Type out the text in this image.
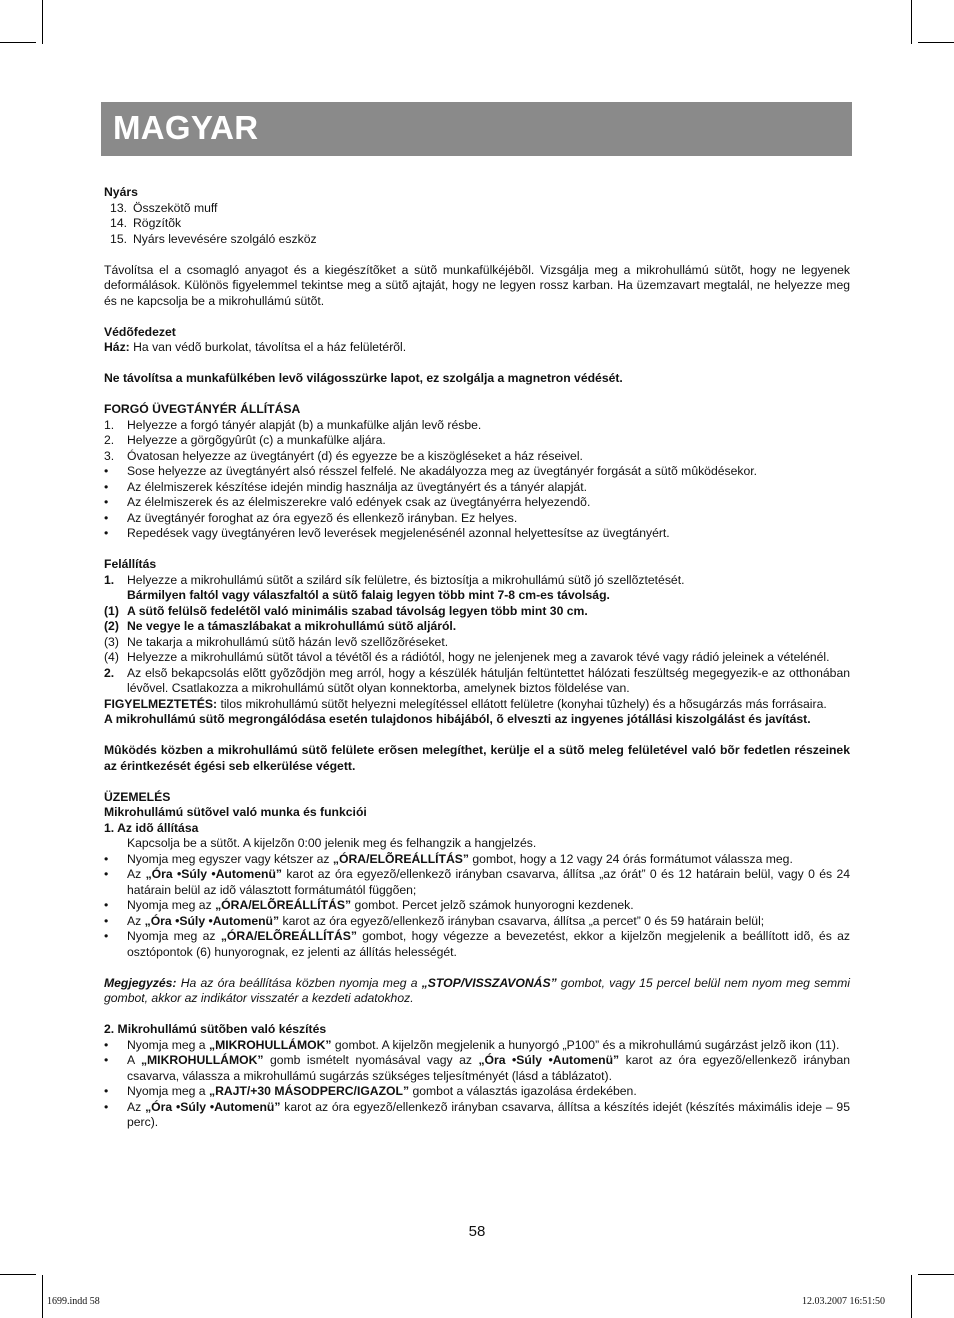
MAGYAR

Nyárs

13. Összekötõ muff
14. Rögzítõk
15. Nyárs levevésére szolgáló eszköz

Távolítsa el a csomagló anyagot és a kiegészítõket a sütõ munkafülkéjébõl. Vizsgálja meg a mikrohullámú sütõt, hogy ne legyenek deformálások. Különös figyelemmel tekintse meg a sütõ ajtaját, hogy ne legyen rossz karban. Ha üzemzavart megtalál, ne helyezze meg és ne kapcsolja be a mikrohullámú sütõt.

Védõfedezet

Ház: Ha van védõ burkolat, távolítsa el a ház felületérõl.

Ne távolítsa a munkafülkében levõ világosszürke lapot, ez szolgálja a magnetron védését.

FORGÓ ÜVEGTÁNYÉR ÁLLÍTÁSA

1.	Helyezze a forgó tányér alapját (b) a munkafülke alján levõ résbe.
2.	Helyezze a görgõgyûrût (c) a munkafülke aljára.
3.	Óvatosan helyezze az üvegtányért (d) és egyezze be a kiszögléseket a ház réseivel.
•	Sose helyezze az üvegtányért alsó résszel felfelé. Ne akadályozza meg az üvegtányér forgását a sütõ mûködésekor.
•	Az élelmiszerek készítése idején mindig használja az üvegtányért és a tányér alapját.
•	Az élelmiszerek és az élelmiszerekre való edények csak az üvegtányérra helyezendõ.
•	Az üvegtányér foroghat az óra egyezõ és ellenkezõ irányban. Ez helyes.
•	Repedések vagy üvegtányéren levõ leverések megjelenésénél azonnal helyettesítse az üvegtányért.

Felállítás

1.	Helyezze a mikrohullámú sütõt a szilárd sík felületre, és biztosítja a mikrohullámú sütõ jó szellõztetését.

Bármilyen faltól vagy válaszfaltól a sütõ falaig legyen több mint 7-8 cm-es távolság.

(1) A sütõ felülsõ fedelétõl való minimális szabad távolság legyen több mint 30 cm.
(2) Ne vegye le a támaszlábakat a mikrohullámú sütõ aljáról.
(3) Ne takarja a mikrohullámú sütõ házán levõ szellõzõréseket.
(4) Helyezze a mikrohullámú sütõt távol a tévétõl és a rádiótól, hogy ne jelenjenek meg a zavarok tévé vagy rádió jeleinek a vételénél.
2.	Az elsõ bekapcsolás elõtt gyõzõdjön meg arról, hogy a készülék hátulján feltüntettet hálózati feszültség megegyezik-e az otthonában lévõvel. Csatlakozza a mikrohullámú sütõt olyan konnektorba, amelynek biztos földelése van.

FIGYELMEZTETÉS: tilos mikrohullámú sütõt helyezni melegítéssel ellátott felületre (konyhai tûzhely) és a hõsugárzás más forrásaira.

A mikrohullámú sütõ megrongálódása esetén tulajdonos hibájából, õ elveszti az ingyenes jótállási kiszolgálást és javítást.

Mûködés közben a mikrohullámú sütõ felülete erõsen melegíthet, kerülje el a sütõ meleg felületével való bõr fedetlen részeinek az érintkezését égési seb elkerülése végett.

ÜZEMELÉS

Mikrohullámú sütõvel való munka és funkciói

1. Az idõ állítása

Kapcsolja be a sütõt. A kijelzõn 0:00 jelenik meg és felhangzik a hangjelzés.

•	Nyomja meg egyszer vagy kétszer az „ÓRA/ELÕREÁLLÍTÁS” gombot, hogy a 12 vagy 24 órás formátumot válassza meg.
•	Az „Óra •Súly •Automenü” karot az óra egyezõ/ellenkezõ irányban csavarva, állítsa „az órát” 0 és 12 határain belül, vagy 0 és 24 határain belül az idõ választott formátumától függõen;
•	Nyomja meg az „ÓRA/ELÕREÁLLÍTÁS” gombot. Percet jelzõ számok hunyorogni kezdenek.
•	Az „Óra •Súly •Automenü” karot az óra egyezõ/ellenkezõ irányban csavarva, állítsa „a percet” 0 és 59 határain belül;
•	Nyomja meg az „ÓRA/ELÕREÁLLÍTÁS” gombot, hogy végezze a bevezetést, ekkor a kijelzõn megjelenik a beállított idõ, és az osztópontok (6) hunyorognak, ez jelenti az állítás helességét.

Megjegyzés: Ha az óra beállítása közben nyomja meg a „STOP/VISSZAVONÁS” gombot, vagy 15 percel belül nem nyom meg semmi gombot, akkor az indikátor visszatér a kezdeti adatokhoz.

2. Mikrohullámú sütõben való készítés

•	Nyomja meg a „MIKROHULLÁMOK” gombot. A kijelzõn megjelenik a hunyorgó „P100” és a mikrohullámú sugárzást jelzõ ikon (11).
•	A „MIKROHULLÁMOK” gomb ismételt nyomásával vagy az „Óra •Súly •Automenü” karot az óra egyezõ/ellenkezõ irányban csavarva, válassza a mikrohullámú sugárzás szükséges teljesítményét (lásd a táblázatot).
•	Nyomja meg a „RAJT/+30 MÁSODPERC/IGAZOL” gombot a választás igazolása érdekében.
•	Az „Óra •Súly •Automenü” karot az óra egyezõ/ellenkezõ irányban csavarva, állítsa a készítés idejét (készítés máximális ideje – 95 perc).
58
1699.indd 58	12.03.2007 16:51:50
